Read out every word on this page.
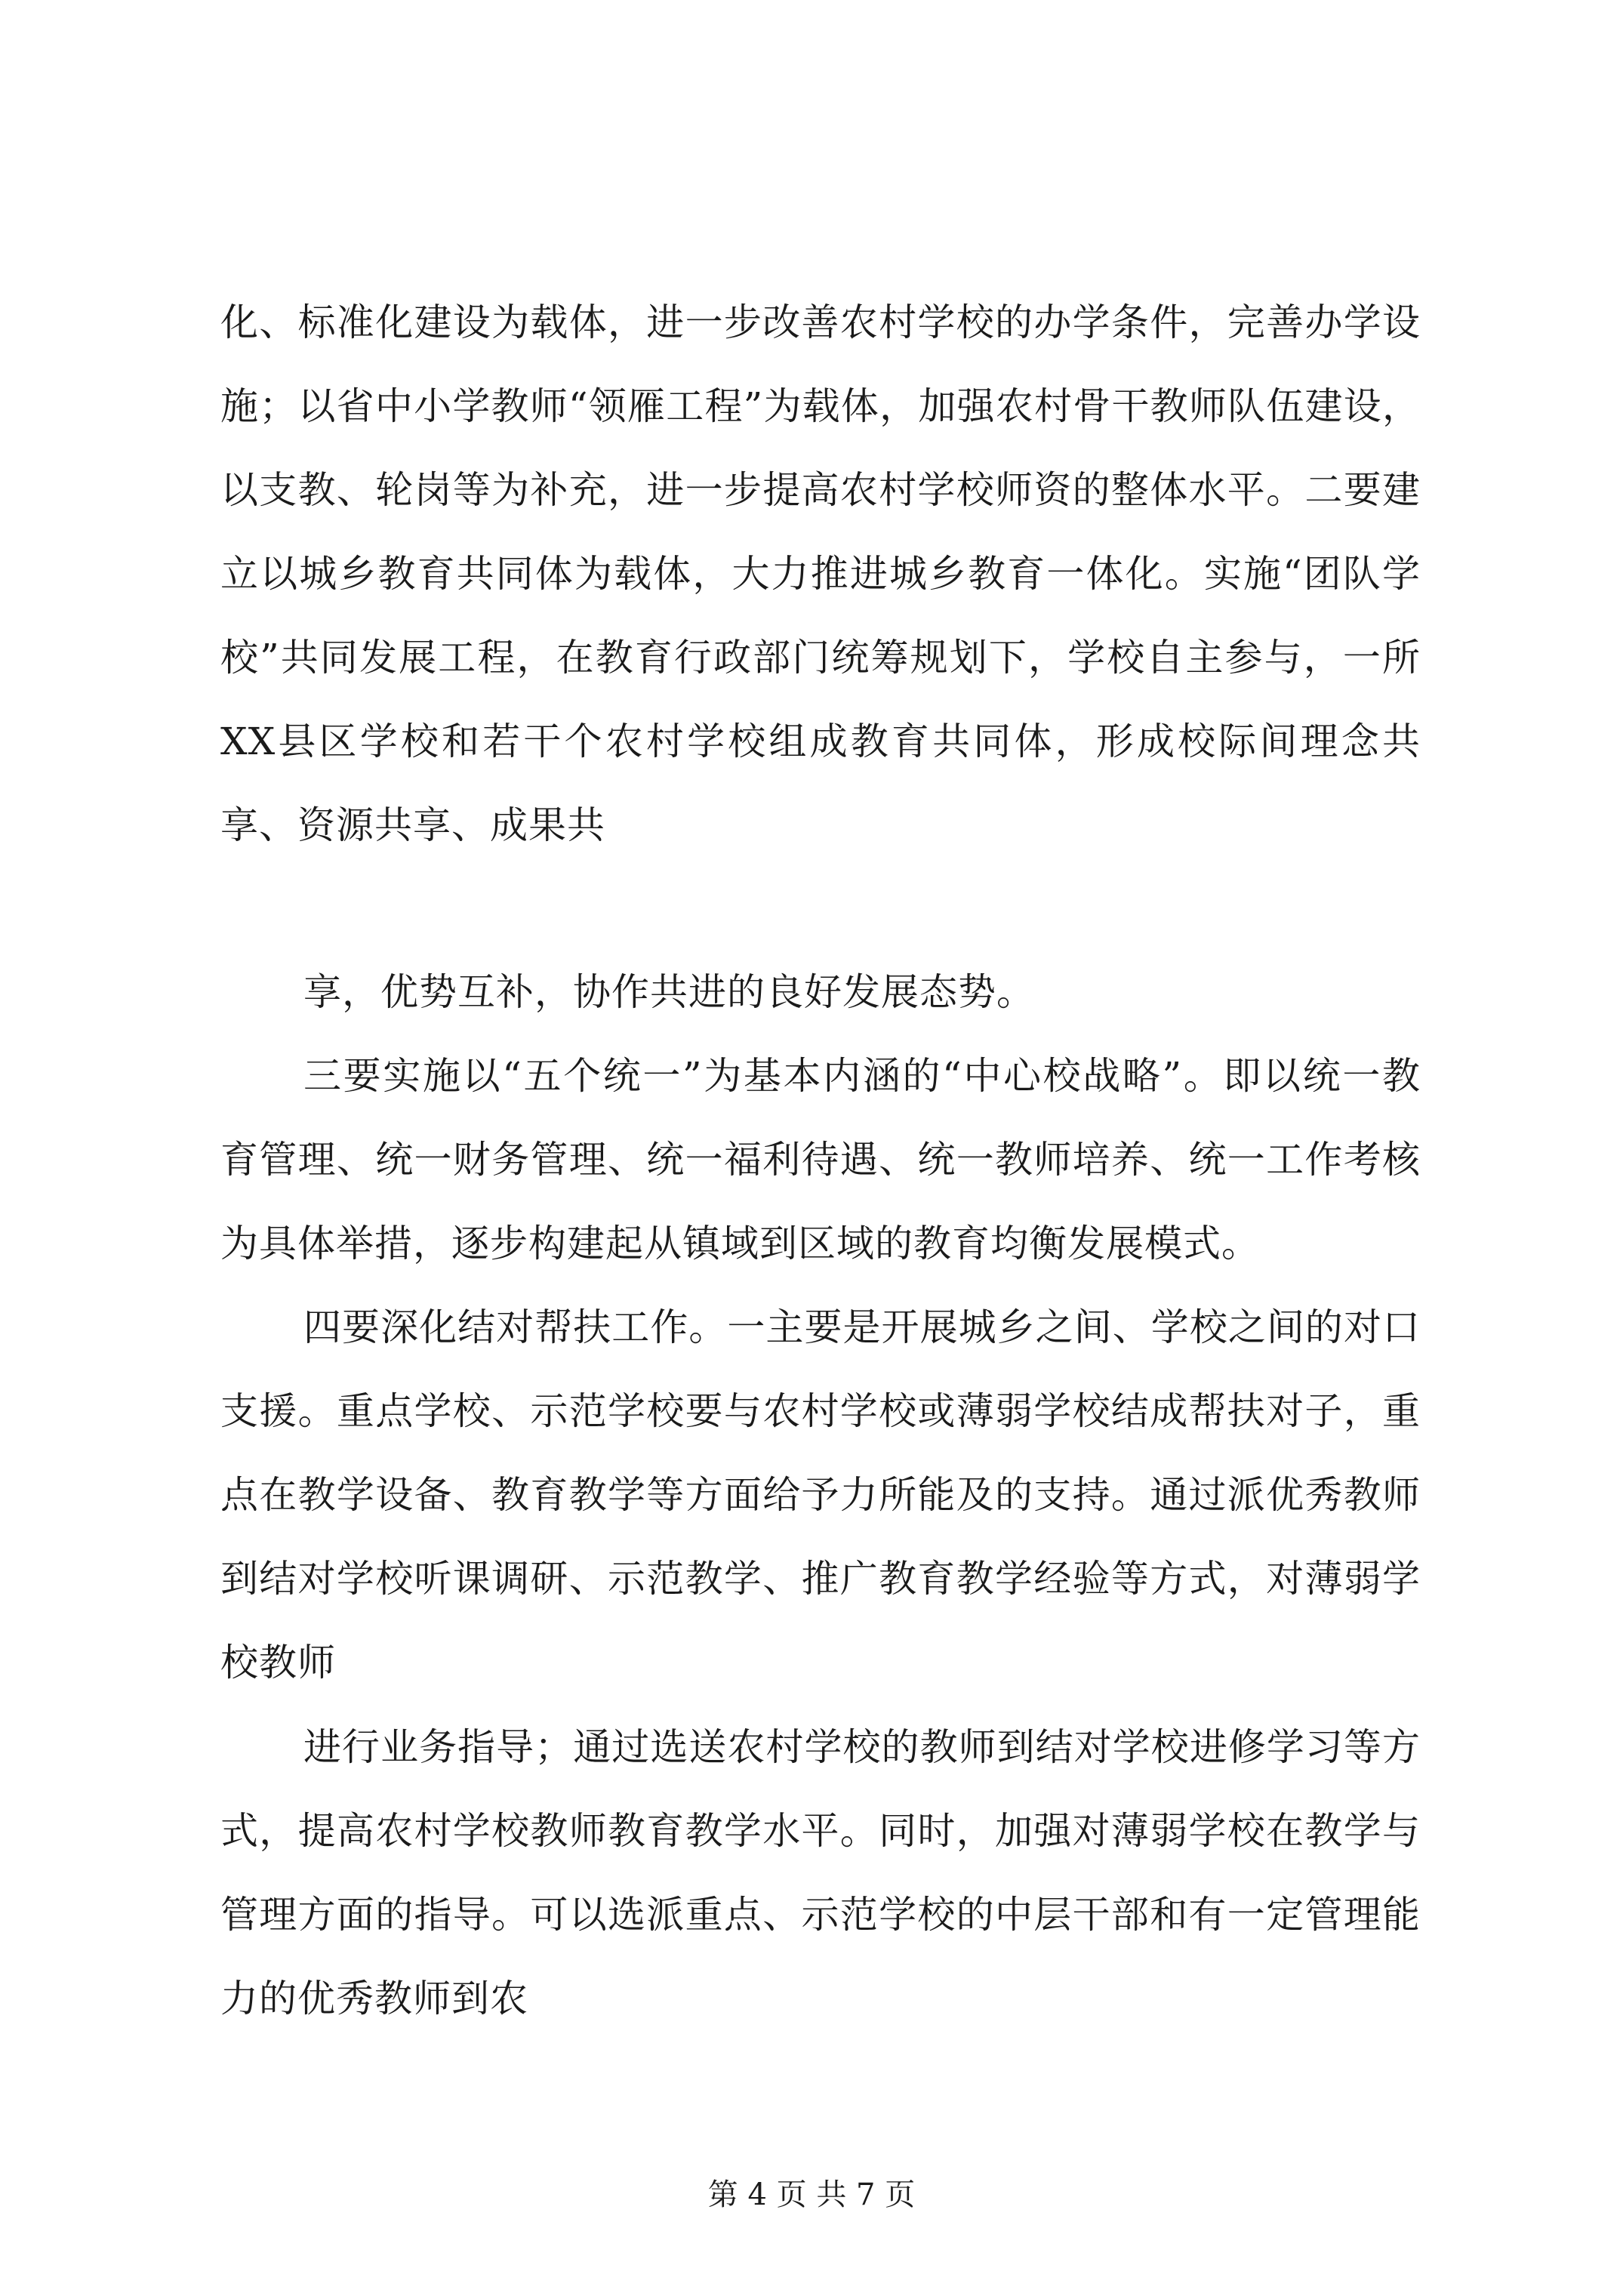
化、标准化建设为载体，进一步改善农村学校的办学条件，完善办学设施；以省中小学教师“领雁工程”为载体，加强农村骨干教师队伍建设，以支教、轮岗等为补充，进一步提高农村学校师资的整体水平。二要建立以城乡教育共同体为载体，大力推进城乡教育一体化。实施“团队学校”共同发展工程，在教育行政部门统筹规划下，学校自主参与，一所XX县区学校和若干个农村学校组成教育共同体，形成校际间理念共享、资源共享、成果共

享，优势互补，协作共进的良好发展态势。

三要实施以“五个统一”为基本内涵的“中心校战略”。即以统一教育管理、统一财务管理、统一福利待遇、统一教师培养、统一工作考核为具体举措，逐步构建起从镇域到区域的教育均衡发展模式。

四要深化结对帮扶工作。一主要是开展城乡之间、学校之间的对口支援。重点学校、示范学校要与农村学校或薄弱学校结成帮扶对子，重点在教学设备、教育教学等方面给予力所能及的支持。通过派优秀教师到结对学校听课调研、示范教学、推广教育教学经验等方式，对薄弱学校教师

进行业务指导；通过选送农村学校的教师到结对学校进修学习等方式，提高农村学校教师教育教学水平。同时，加强对薄弱学校在教学与管理方面的指导。可以选派重点、示范学校的中层干部和有一定管理能力的优秀教师到农

第 4 页 共 7 页
